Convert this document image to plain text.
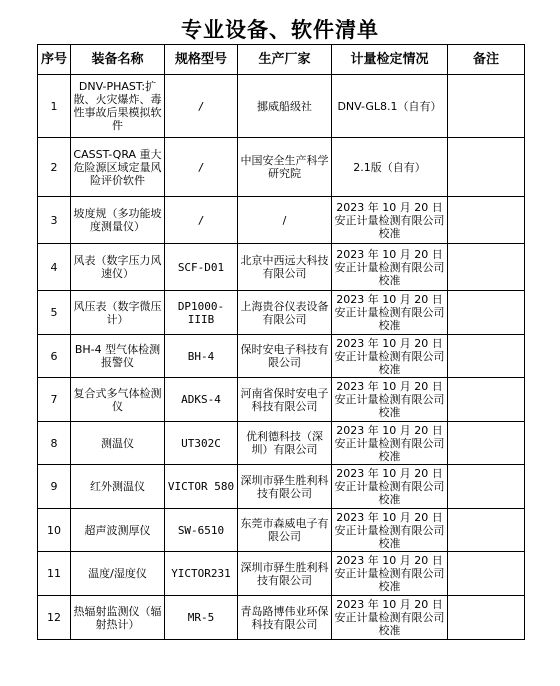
专业设备、软件清单
序号	装备名称	规格型号	生产厂家	计量检定情况	备注
1	DNV-PHAST:扩散、火灾爆炸、毒性事故后果模拟软件	/	挪威船级社	DNV-GL8.1（自有）	
2	CASST-QRA 重大危险源区域定量风险评价软件	/	中国安全生产科学研究院	2.1版（自有）	
3	坡度规（多功能坡度测量仪）	/	/	2023 年 10 月 20 日安正计量检测有限公司校准	
4	风表（数字压力风速仪）	SCF-D01	北京中西远大科技有限公司	2023 年 10 月 20 日安正计量检测有限公司校准	
5	风压表（数字微压计）	DP1000-IIIB	上海贵谷仪表设备有限公司	2023 年 10 月 20 日安正计量检测有限公司校准	
6	BH-4 型气体检测报警仪	BH-4	保时安电子科技有限公司	2023 年 10 月 20 日安正计量检测有限公司校准	
7	复合式多气体检测仪	ADKS-4	河南省保时安电子科技有限公司	2023 年 10 月 20 日安正计量检测有限公司校准	
8	测温仪	UT302C	优利德科技（深圳）有限公司	2023 年 10 月 20 日安正计量检测有限公司校准	
9	红外测温仪	VICTOR 580	深圳市驿生胜利科技有限公司	2023 年 10 月 20 日安正计量检测有限公司校准	
10	超声波测厚仪	SW-6510	东莞市森威电子有限公司	2023 年 10 月 20 日安正计量检测有限公司校准	
11	温度/湿度仪	YICTOR231	深圳市驿生胜利科技有限公司	2023 年 10 月 20 日安正计量检测有限公司校准	
12	热辐射监测仪（辐射热计）	MR-5	青岛路博伟业环保科技有限公司	2023 年 10 月 20 日安正计量检测有限公司校准	
